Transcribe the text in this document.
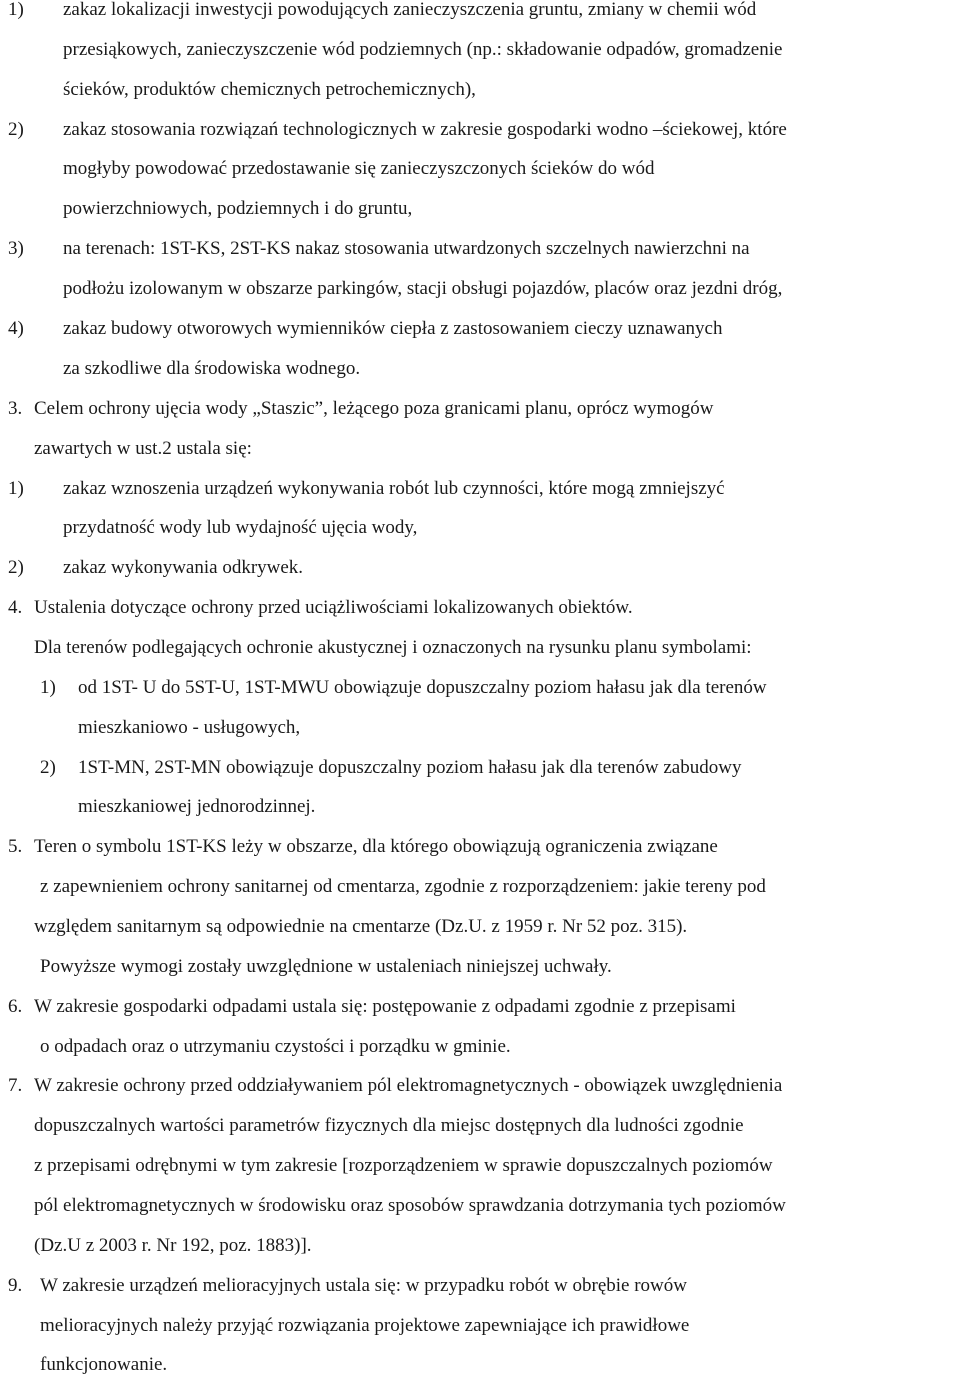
1) zakaz lokalizacji inwestycji powodujących zanieczyszczenia gruntu, zmiany w chemii wód
przesiąkowych, zanieczyszczenie wód podziemnych (np.: składowanie odpadów, gromadzenie
ścieków, produktów chemicznych petrochemicznych),
2) zakaz stosowania rozwiązań technologicznych w zakresie gospodarki wodno –ściekowej, które
mogłyby powodować przedostawanie się zanieczyszczonych ścieków do wód
powierzchniowych, podziemnych i do gruntu,
3) na terenach: 1ST-KS, 2ST-KS nakaz stosowania utwardzonych szczelnych nawierzchni na
podłożu izolowanym w obszarze parkingów, stacji obsługi pojazdów, placów oraz jezdni dróg,
4) zakaz budowy otworowych wymienników ciepła z zastosowaniem cieczy uznawanych
za szkodliwe dla środowiska wodnego.
3. Celem ochrony ujęcia wody „Staszic”, leżącego poza granicami planu, oprócz wymogów
zawartych w ust.2 ustala się:
1) zakaz wznoszenia urządzeń wykonywania robót lub czynności, które mogą zmniejszyć
przydatność wody lub wydajność ujęcia wody,
2) zakaz wykonywania odkrywek.
4. Ustalenia dotyczące ochrony przed uciążliwościami lokalizowanych obiektów.
Dla terenów podlegających ochronie akustycznej i oznaczonych na rysunku planu symbolami:
1) od 1ST- U do 5ST-U, 1ST-MWU obowiązuje dopuszczalny poziom hałasu jak dla terenów
mieszkaniowo - usługowych,
2) 1ST-MN, 2ST-MN obowiązuje dopuszczalny poziom hałasu jak dla terenów zabudowy
mieszkaniowej jednorodzinnej.
5. Teren o symbolu 1ST-KS leży w obszarze, dla którego obowiązują ograniczenia związane
z zapewnieniem ochrony sanitarnej od cmentarza, zgodnie z rozporządzeniem: jakie tereny pod
względem sanitarnym są odpowiednie na cmentarze (Dz.U. z 1959 r. Nr 52 poz. 315).
Powyższe wymogi zostały uwzględnione w ustaleniach niniejszej uchwały.
6. W zakresie gospodarki odpadami ustala się: postępowanie z odpadami zgodnie z przepisami
o odpadach oraz o utrzymaniu czystości i porządku w gminie.
7. W zakresie ochrony przed oddziaływaniem pól elektromagnetycznych - obowiązek uwzględnienia
dopuszczalnych wartości parametrów fizycznych dla miejsc dostępnych dla ludności zgodnie
z przepisami odrębnymi w tym zakresie [rozporządzeniem w sprawie dopuszczalnych poziomów
pól elektromagnetycznych w środowisku oraz sposobów sprawdzania dotrzymania tych poziomów
(Dz.U z 2003 r. Nr 192, poz. 1883)].
9. W zakresie urządzeń melioracyjnych ustala się: w przypadku robót w obrębie rowów
melioracyjnych należy przyjąć rozwiązania projektowe zapewniające ich prawidłowe
funkcjonowanie.
